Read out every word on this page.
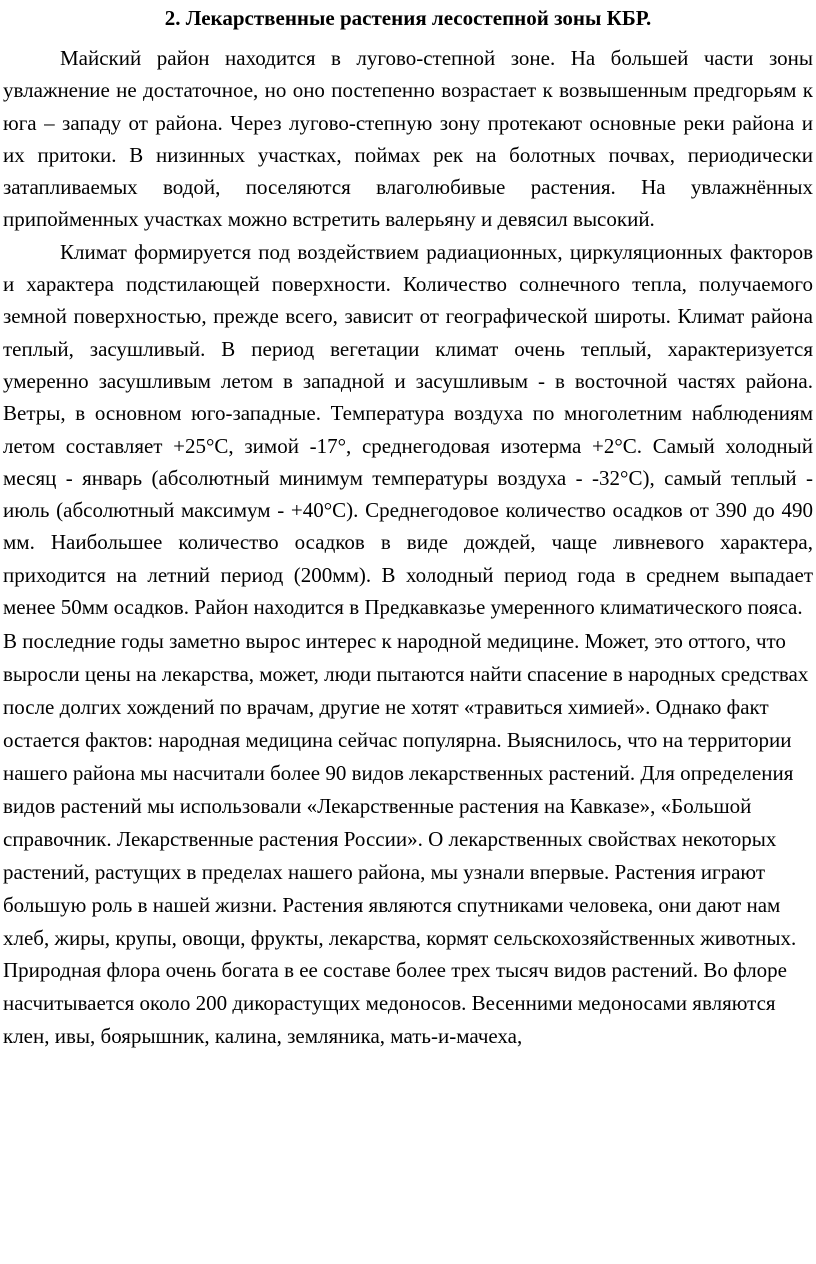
2. Лекарственные растения лесостепной зоны КБР.

Майский район находится в лугово-степной зоне. На большей части зоны увлажнение не достаточное, но оно постепенно возрастает к возвышенным предгорьям к юга – западу от района. Через лугово-степную зону протекают основные реки района и их притоки. В низинных участках, поймах рек на болотных почвах, периодически затапливаемых водой, поселяются влаголюбивые растения. На увлажнённых припойменных участках можно встретить валерьяну и девясил высокий.

Климат формируется под воздействием радиационных, циркуляционных факторов и характера подстилающей поверхности. Количество солнечного тепла, получаемого земной поверхностью, прежде всего, зависит от географической широты. Климат района теплый, засушливый. В период вегетации климат очень теплый, характеризуется умеренно засушливым летом в западной и засушливым - в восточной частях района. Ветры, в основном юго-западные. Температура воздуха по многолетним наблюдениям летом составляет +25°С, зимой -17°, среднегодовая изотерма +2°С. Самый холодный месяц - январь (абсолютный минимум температуры воздуха - -32°С), самый теплый - июль (абсолютный максимум - +40°С). Среднегодовое количество осадков от 390 до 490 мм. Наибольшее количество осадков в виде дождей, чаще ливневого характера, приходится на летний период (200мм). В холодный период года в среднем выпадает менее 50мм осадков. Район находится в Предкавказье умеренного климатического пояса.

В последние годы заметно вырос интерес к народной медицине. Может, это оттого, что выросли цены на лекарства, может, люди пытаются найти спасение в народных средствах после долгих хождений по врачам, другие не хотят «травиться химией». Однако факт остается фактов: народная медицина сейчас популярна. Выяснилось, что на территории нашего района мы насчитали более 90 видов лекарственных растений. Для определения видов растений мы использовали «Лекарственные растения на Кавказе», «Большой справочник. Лекарственные растения России». О лекарственных свойствах некоторых растений, растущих в пределах нашего района, мы узнали впервые. Растения играют большую роль в нашей жизни. Растения являются спутниками человека, они дают нам хлеб, жиры, крупы, овощи, фрукты, лекарства, кормят сельскохозяйственных животных. Природная флора очень богата в ее составе более трех тысяч видов растений. Во флоре насчитывается около 200 дикорастущих медоносов. Весенними медоносами являются клен, ивы, боярышник, калина, земляника, мать-и-мачеха,
